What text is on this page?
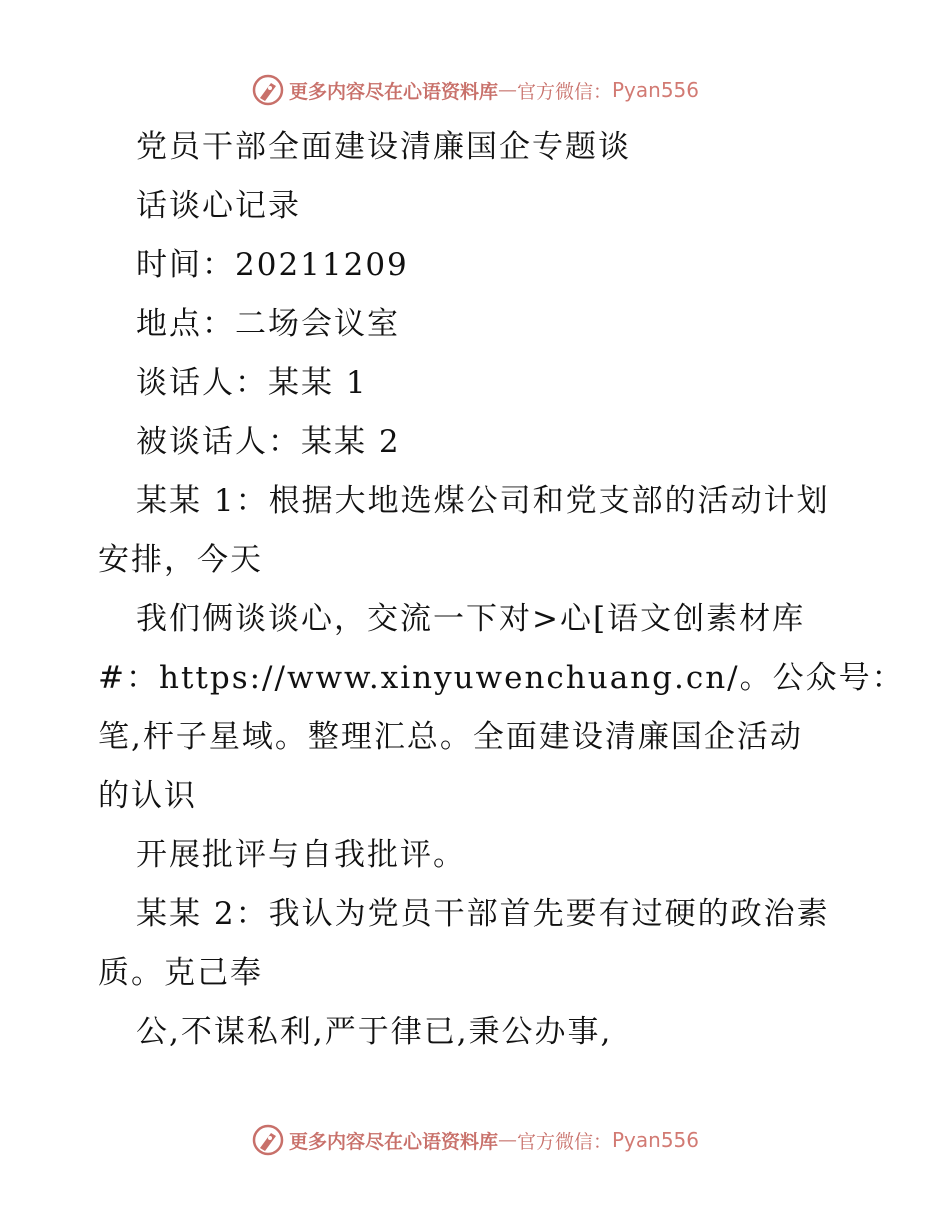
更多内容尽在心语资料库 — 官方微信： Pyan556

党员干部全面建设清廉国企专题谈

话谈心记录

时间：20211209

地点：二场会议室

谈话人：某某 1

被谈话人：某某 2

某某 1：根据大地选煤公司和党支部的活动计划

安排，今天

我们俩谈谈心，交流一下对>心[语文创素材库

#：https://www.xinyuwenchuang.cn/。公众号：

笔,杆子星域。整理汇总。全面建设清廉国企活动

的认识

开展批评与自我批评。

某某 2：我认为党员干部首先要有过硬的政治素

质。克己奉

公,不谋私利,严于律已,秉公办事,

更多内容尽在心语资料库 — 官方微信： Pyan556
